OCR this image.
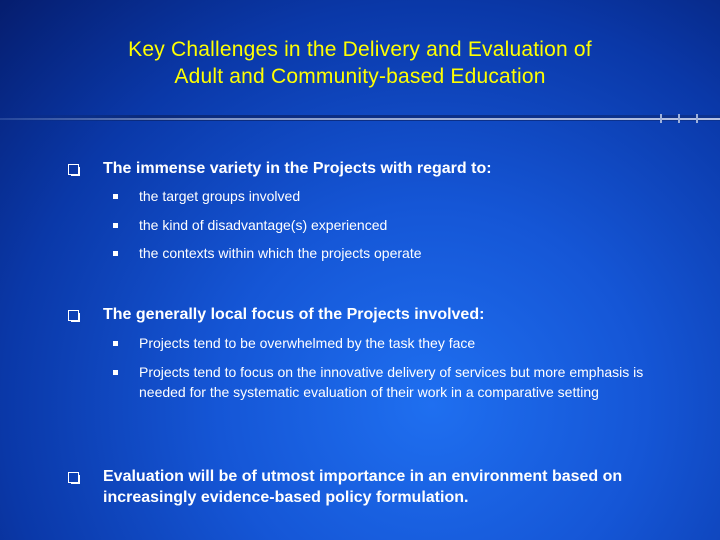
Key Challenges in the Delivery and Evaluation of
Adult and Community-based Education
The immense variety in the Projects with regard to:
the target groups involved
the kind of disadvantage(s) experienced
the contexts within which the projects operate
The generally local focus of the Projects involved:
Projects tend to be overwhelmed by the task they face
Projects tend to focus on the innovative delivery of services but more emphasis is needed for the systematic evaluation of their work in a comparative setting
Evaluation will be of utmost importance in an environment based on increasingly evidence-based policy formulation.
